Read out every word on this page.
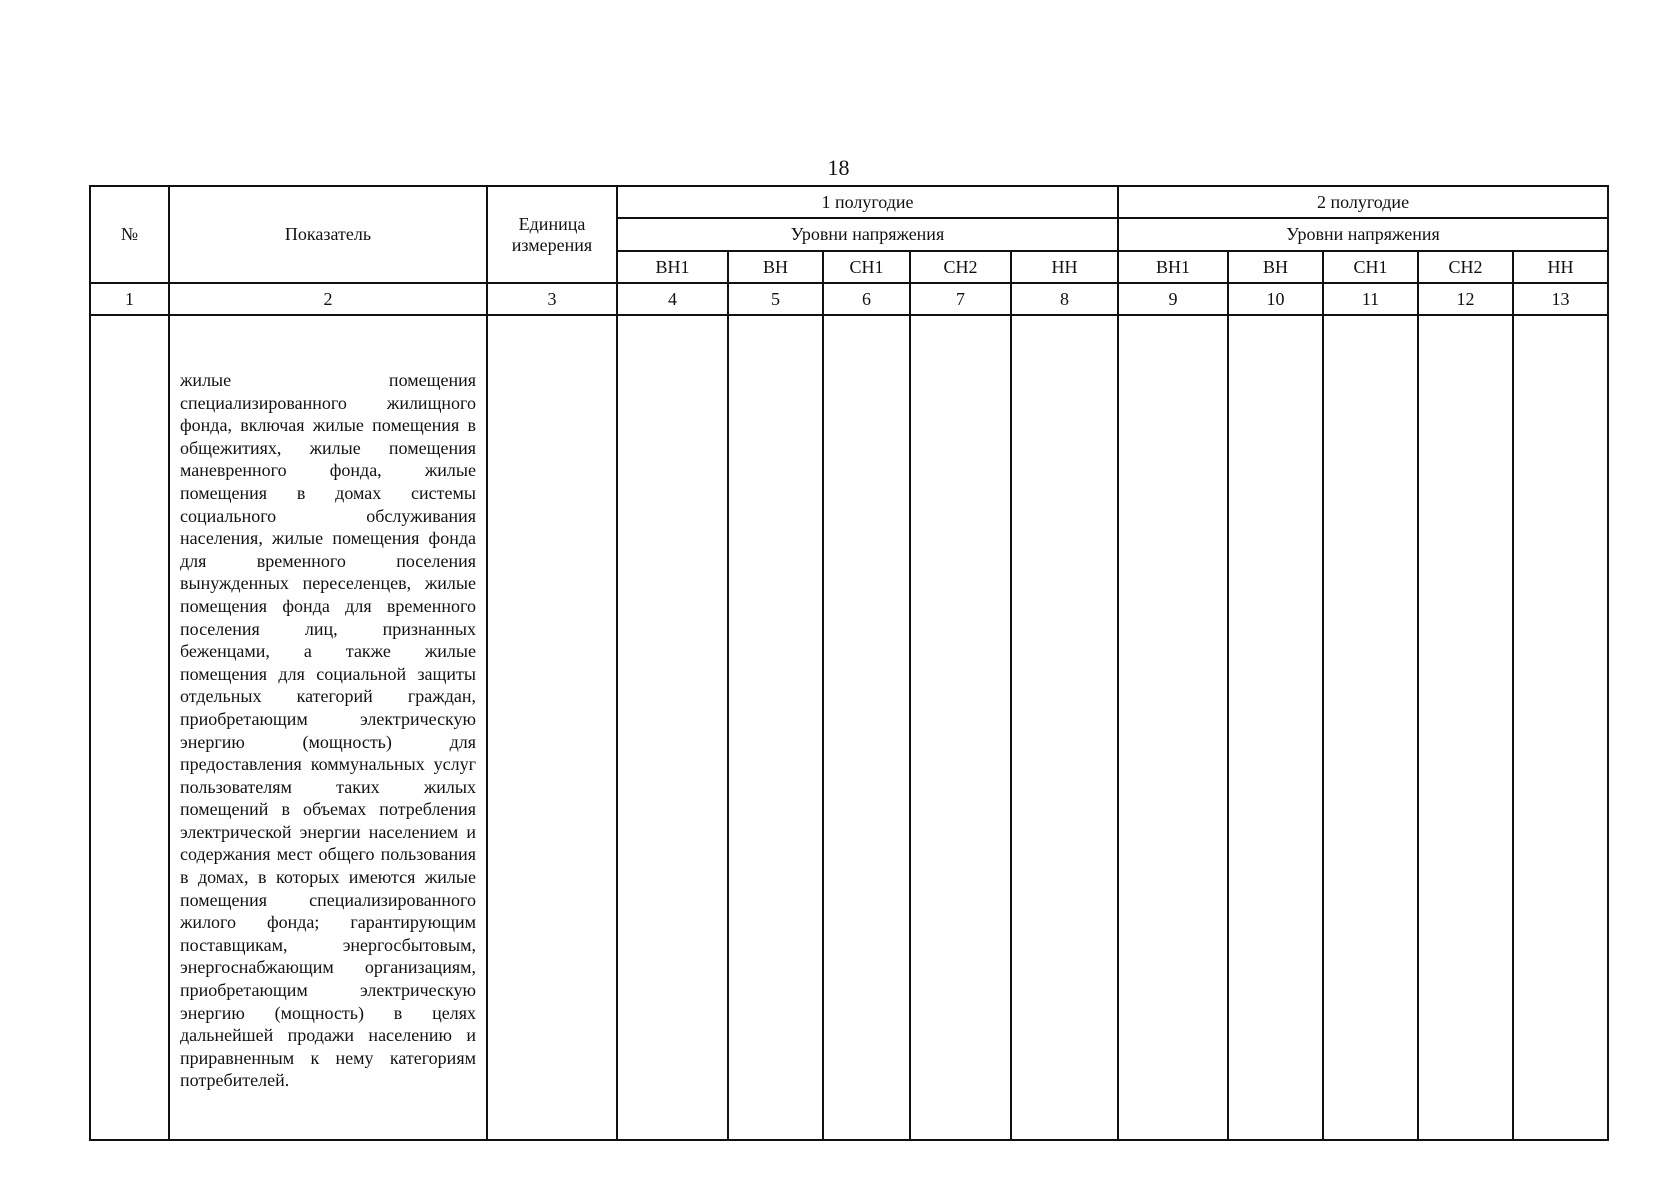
18
№	Показатель	Единица измерения	1 полугодие					2 полугодие				
			Уровни напряжения					Уровни напряжения				
			ВН1	ВН	СН1	СН2	НН	ВН1	ВН	СН1	СН2	НН
1	2	3	4	5	6	7	8	9	10	11	12	13

	жилые помещения специализированного жилищного фонда, включая жилые помещения в общежитиях, жилые помещения маневренного фонда, жилые помещения в домах системы социального обслуживания населения, жилые помещения фонда для временного поселения вынужденных переселенцев, жилые помещения фонда для временного поселения лиц, признанных беженцами, а также жилые помещения для социальной защиты отдельных категорий граждан, приобретающим электрическую энергию (мощность) для предоставления коммунальных услуг пользователям таких жилых помещений в объемах потребления электрической энергии населением и содержания мест общего пользования в домах, в которых имеются жилые помещения специализированного жилого фонда; гарантирующим поставщикам, энергосбытовым, энергоснабжающим организациям, приобретающим электрическую энергию (мощность) в целях дальнейшей продажи населению и приравненным к нему категориям потребителей.											
